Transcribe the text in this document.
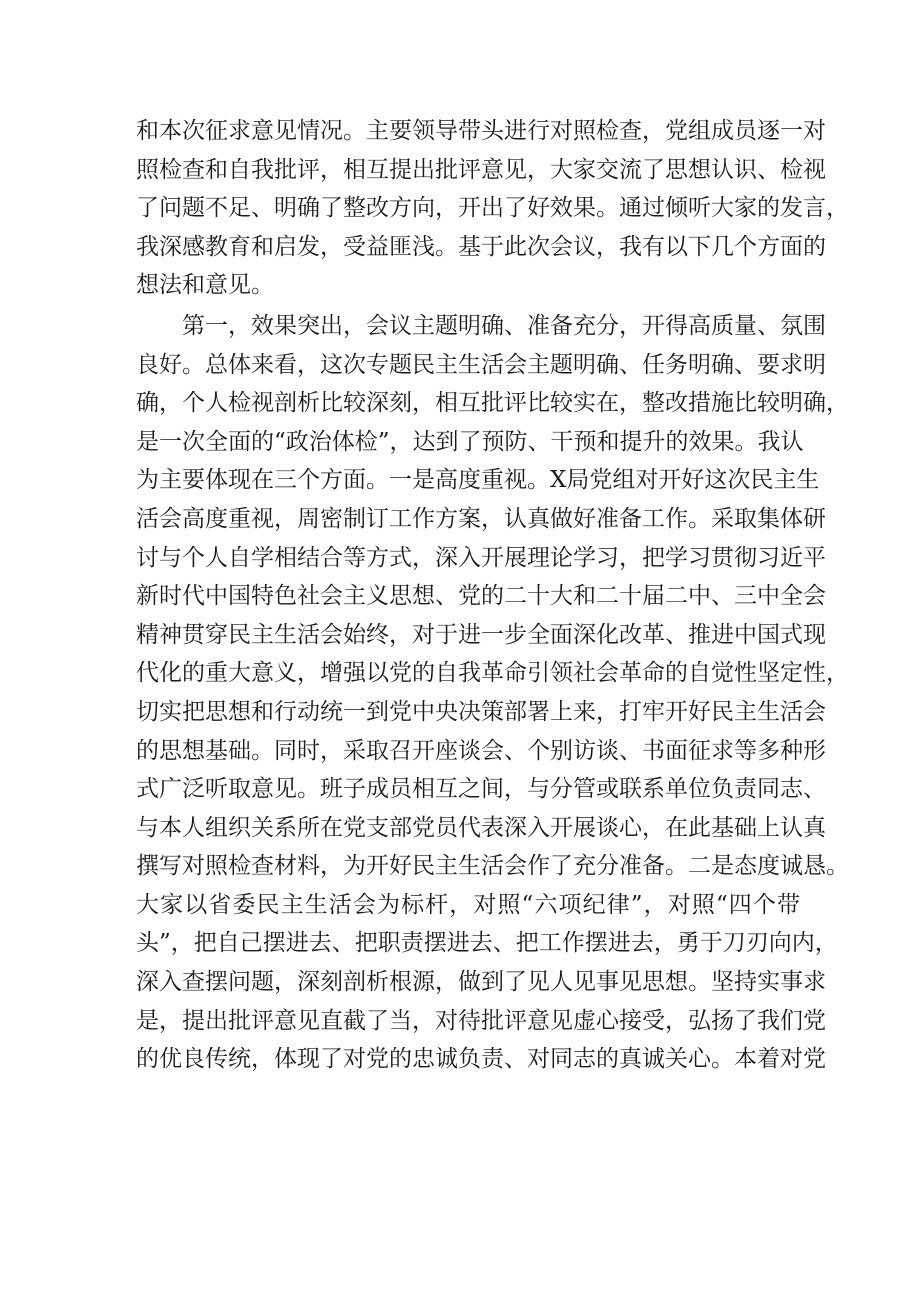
和本次征求意见情况。主要领导带头进行对照检查，党组成员逐一对
照检查和自我批评，相互提出批评意见，大家交流了思想认识、检视
了问题不足、明确了整改方向，开出了好效果。通过倾听大家的发言，
我深感教育和启发，受益匪浅。基于此次会议，我有以下几个方面的
想法和意见。
第一，效果突出，会议主题明确、准备充分，开得高质量、氛围
良好。总体来看，这次专题民主生活会主题明确、任务明确、要求明
确，个人检视剖析比较深刻，相互批评比较实在，整改措施比较明确，
是一次全面的“政治体检”，达到了预防、干预和提升的效果。我认
为主要体现在三个方面。一是高度重视。X局党组对开好这次民主生
活会高度重视，周密制订工作方案，认真做好准备工作。采取集体研
讨与个人自学相结合等方式，深入开展理论学习，把学习贯彻习近平
新时代中国特色社会主义思想、党的二十大和二十届二中、三中全会
精神贯穿民主生活会始终，对于进一步全面深化改革、推进中国式现
代化的重大意义，增强以党的自我革命引领社会革命的自觉性坚定性，
切实把思想和行动统一到党中央决策部署上来，打牢开好民主生活会
的思想基础。同时，采取召开座谈会、个别访谈、书面征求等多种形
式广泛听取意见。班子成员相互之间，与分管或联系单位负责同志、
与本人组织关系所在党支部党员代表深入开展谈心，在此基础上认真
撰写对照检查材料，为开好民主生活会作了充分准备。二是态度诚恳。
大家以省委民主生活会为标杆，对照“六项纪律”，对照“四个带
头”，把自己摆进去、把职责摆进去、把工作摆进去，勇于刀刃向内，
深入查摆问题，深刻剖析根源，做到了见人见事见思想。坚持实事求
是，提出批评意见直截了当，对待批评意见虚心接受，弘扬了我们党
的优良传统，体现了对党的忠诚负责、对同志的真诚关心。本着对党
